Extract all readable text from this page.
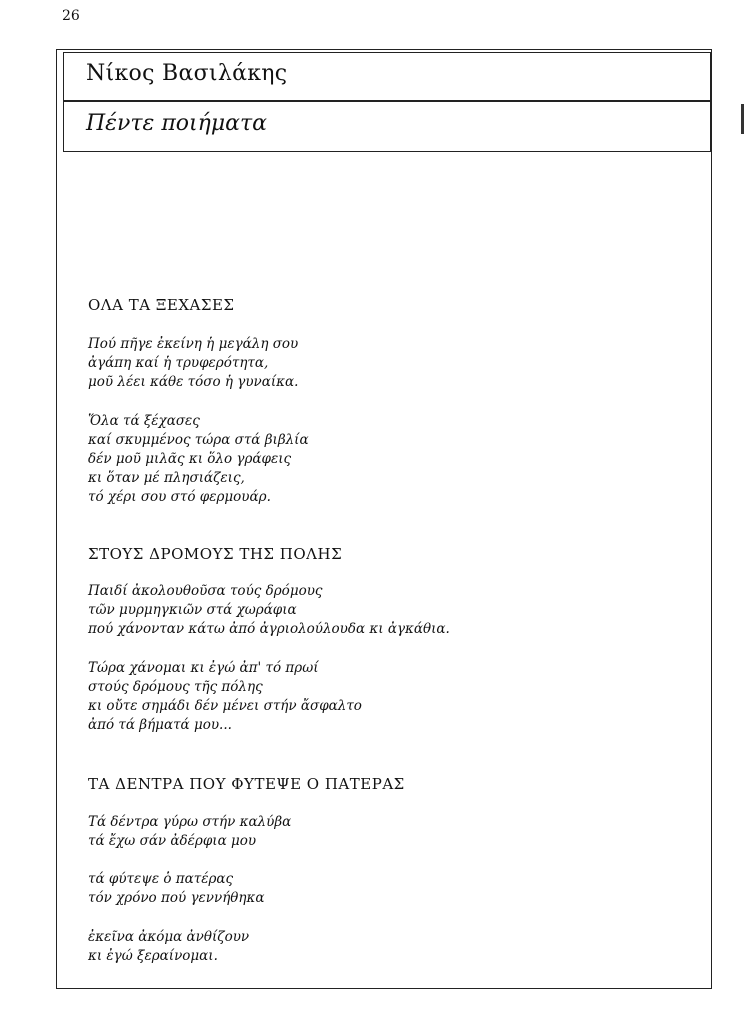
26
Νίκος Βασιλάκης
Πέντε ποιήματα
ΟΛΑ ΤΑ ΞΕΧΑΣΕΣ
Πού πῆγε ἐκείνη ἡ μεγάλη σου
ἀγάπη καί ἡ τρυφερότητα,
μοῦ λέει κάθε τόσο ἡ γυναίκα.
Ὅλα τά ξέχασες
καί σκυμμένος τώρα στά βιβλία
δέν μοῦ μιλᾶς κι ὅλο γράφεις
κι ὅταν μέ πλησιάζεις,
τό χέρι σου στό φερμουάρ.
ΣΤΟΥΣ ΔΡΟΜΟΥΣ ΤΗΣ ΠΟΛΗΣ
Παιδί ἀκολουθοῦσα τούς δρόμους
τῶν μυρμηγκιῶν στά χωράφια
πού χάνονταν κάτω ἀπό ἀγριολούλουδα κι ἀγκάθια.
Τώρα χάνομαι κι ἐγώ ἀπ' τό πρωί
στούς δρόμους τῆς πόλης
κι οὔτε σημάδι δέν μένει στήν ἄσφαλτο
ἀπό τά βήματά μου...
ΤΑ ΔΕΝΤΡΑ ΠΟΥ ΦΥΤΕΨΕ Ο ΠΑΤΕΡΑΣ
Τά δέντρα γύρω στήν καλύβα
τά ἔχω σάν ἀδέρφια μου
τά φύτεψε ὁ πατέρας
τόν χρόνο πού γεννήθηκα
ἐκεῖνα ἀκόμα ἀνθίζουν
κι ἐγώ ξεραίνομαι.
